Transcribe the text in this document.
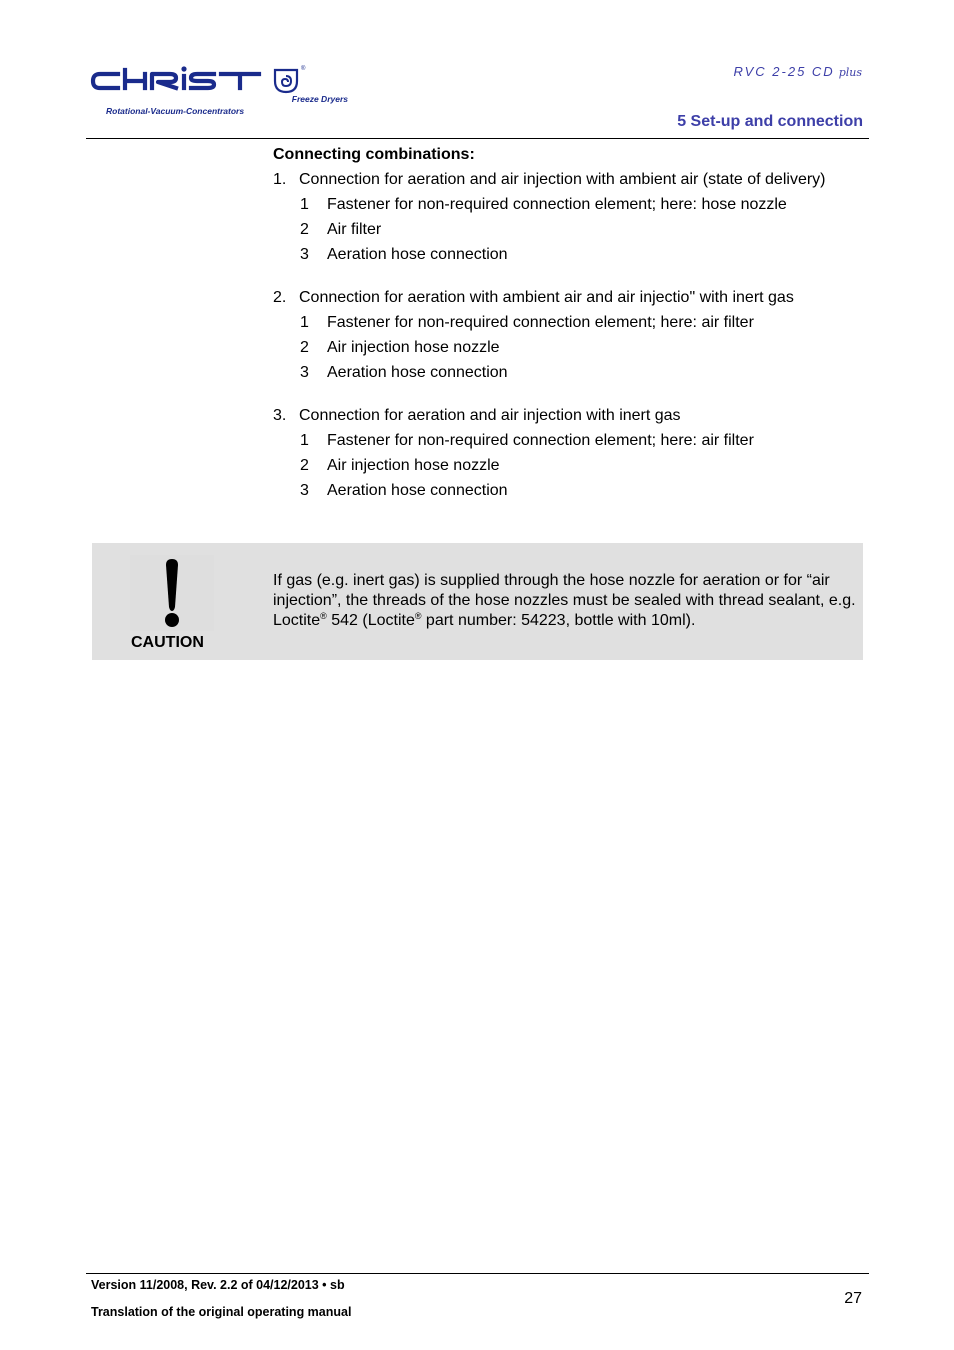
®
Freeze Dryers
Rotational-Vacuum-Concentrators
RVC 2-25 CD plus
5 Set-up and connection
Connecting combinations:
1. Connection for aeration and air injection with ambient air (state of delivery)
1 Fastener for non-required connection element; here: hose nozzle
2 Air filter
3 Aeration hose connection
2. Connection for aeration with ambient air and air injectio" with inert gas
1 Fastener for non-required connection element; here: air filter
2 Air injection hose nozzle
3 Aeration hose connection
3. Connection for aeration and air injection with inert gas
1 Fastener for non-required connection element; here: air filter
2 Air injection hose nozzle
3 Aeration hose connection
CAUTION
If gas (e.g. inert gas) is supplied through the hose nozzle for aeration or for “air injection”, the threads of the hose nozzles must be sealed with thread sealant, e.g. Loctite® 542 (Loctite® part number: 54223, bottle with 10ml).
Version 11/2008, Rev. 2.2 of 04/12/2013 • sb
Translation of the original operating manual
27
